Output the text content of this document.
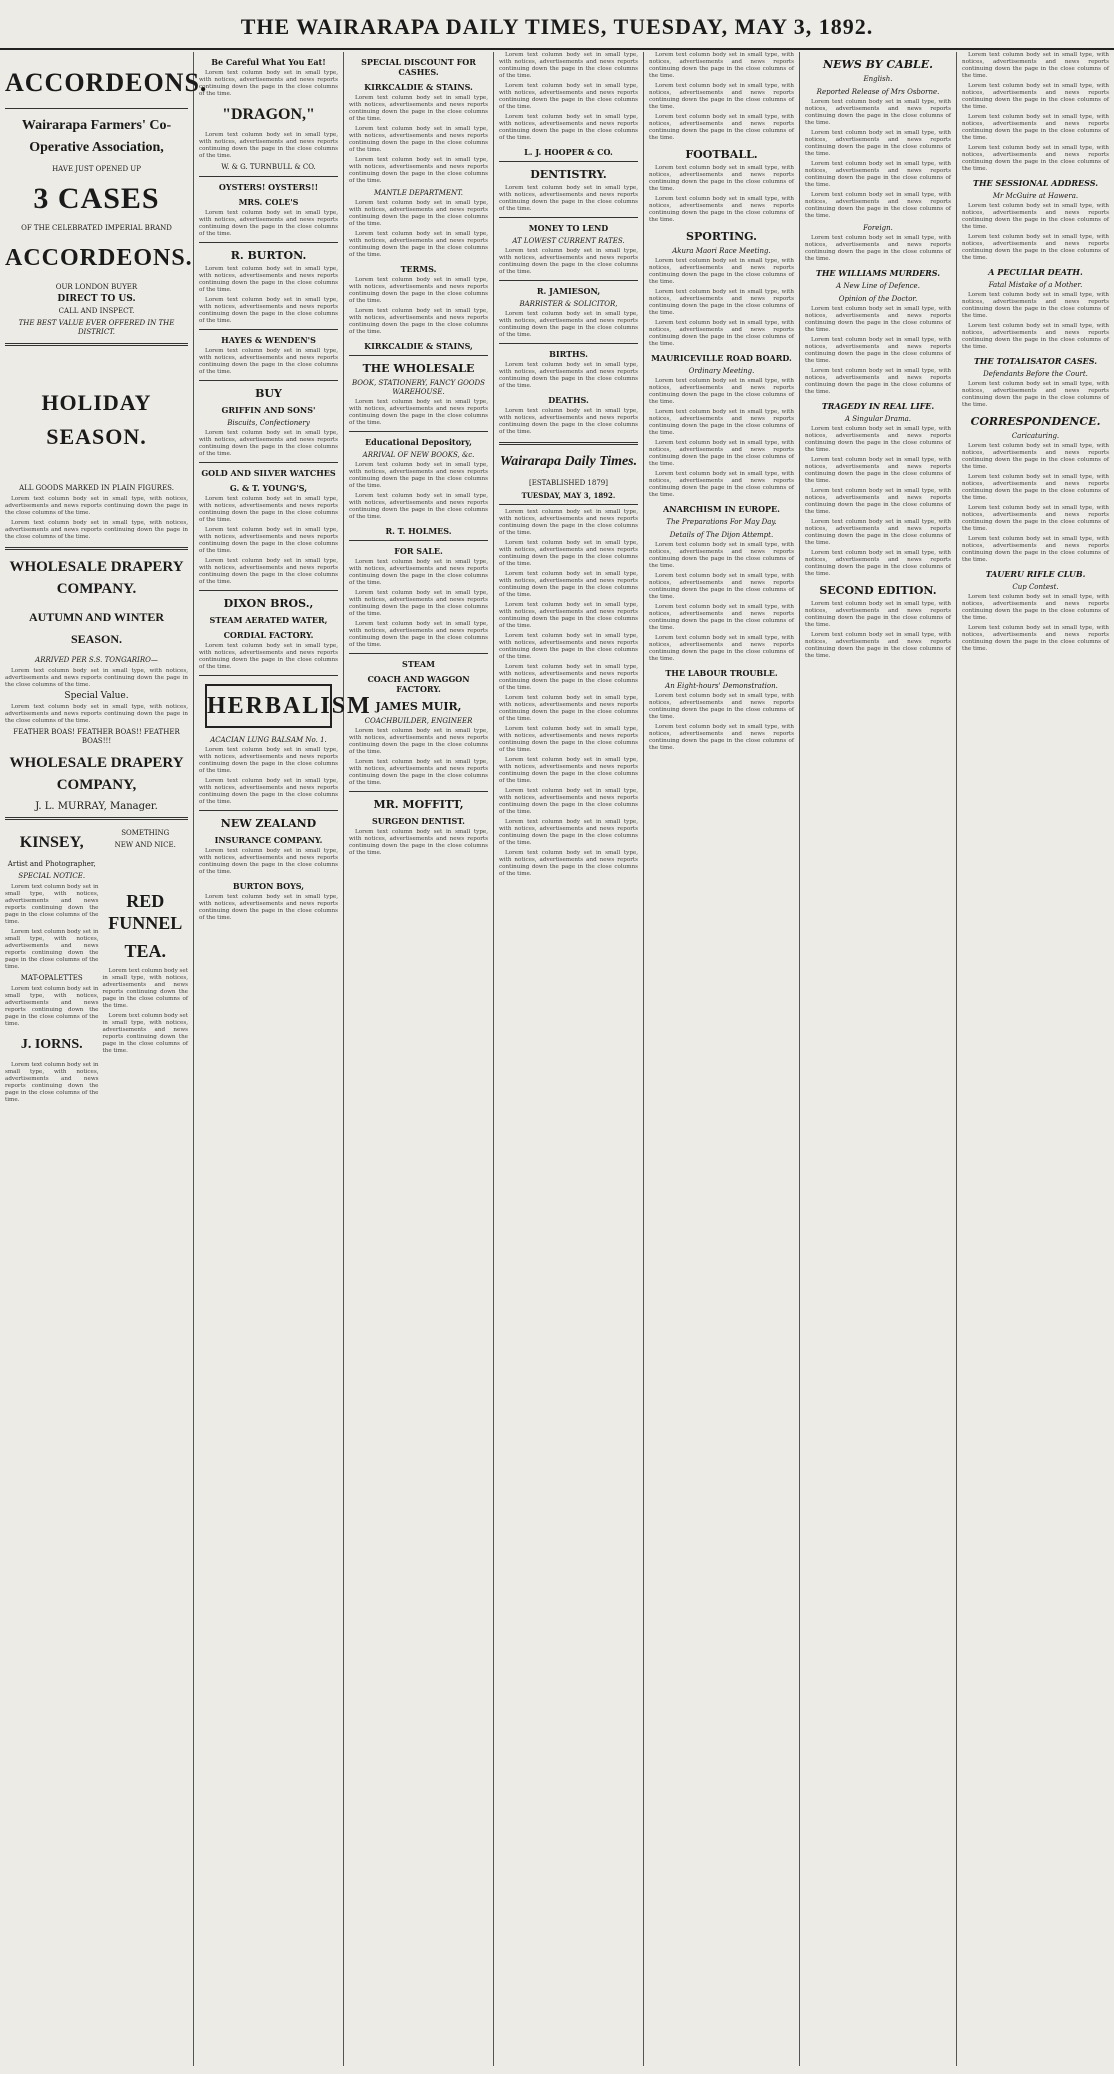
THE WAIRARAPA DAILY TIMES, TUESDAY, MAY 3, 1892.
ACCORDEONS.
Wairarapa Farmers' Co-Operative Association,
HAVE JUST OPENED UP
3 CASES
OF THE CELEBRATED IMPERIAL BRAND
ACCORDEONS.
OUR LONDON BUYER
DIRECT TO US.
CALL AND INSPECT.
THE BEST VALUE EVER OFFERED IN THE DISTRICT.
HOLIDAY SEASON.
ALL GOODS MARKED IN PLAIN FIGURES.

Lorem text column body set in small type, with notices, advertisements and news reports continuing down the page in the close columns of the time.

Lorem text column body set in small type, with notices, advertisements and news reports continuing down the page in the close columns of the time.

WHOLESALE DRAPERY COMPANY.
AUTUMN AND WINTER SEASON.
ARRIVED PER S.S. TONGARIRO—

Lorem text column body set in small type, with notices, advertisements and news reports continuing down the page in the close columns of the time.

Special Value.

Lorem text column body set in small type, with notices, advertisements and news reports continuing down the page in the close columns of the time.

FEATHER BOAS! FEATHER BOAS!! FEATHER BOAS!!!
WHOLESALE DRAPERY COMPANY,
J. L. MURRAY, Manager.
KINSEY,
Artist and Photographer,
SPECIAL NOTICE.

Lorem text column body set in small type, with notices, advertisements and news reports continuing down the page in the close columns of the time.

Lorem text column body set in small type, with notices, advertisements and news reports continuing down the page in the close columns of the time.

MAT-OPALETTES

Lorem text column body set in small type, with notices, advertisements and news reports continuing down the page in the close columns of the time.

J. IORNS.

Lorem text column body set in small type, with notices, advertisements and news reports continuing down the page in the close columns of the time.

SOMETHING
NEW AND NICE.
RED FUNNEL
TEA.

Lorem text column body set in small type, with notices, advertisements and news reports continuing down the page in the close columns of the time.

Lorem text column body set in small type, with notices, advertisements and news reports continuing down the page in the close columns of the time.

Be Careful What You Eat!

Lorem text column body set in small type, with notices, advertisements and news reports continuing down the page in the close columns of the time.

"DRAGON,"

Lorem text column body set in small type, with notices, advertisements and news reports continuing down the page in the close columns of the time.

W. & G. TURNBULL & CO.
OYSTERS! OYSTERS!!
MRS. COLE'S

Lorem text column body set in small type, with notices, advertisements and news reports continuing down the page in the close columns of the time.

R. BURTON.

Lorem text column body set in small type, with notices, advertisements and news reports continuing down the page in the close columns of the time.

Lorem text column body set in small type, with notices, advertisements and news reports continuing down the page in the close columns of the time.

HAYES & WENDEN'S

Lorem text column body set in small type, with notices, advertisements and news reports continuing down the page in the close columns of the time.

BUY
GRIFFIN AND SONS'
Biscuits, Confectionery

Lorem text column body set in small type, with notices, advertisements and news reports continuing down the page in the close columns of the time.

GOLD AND SILVER WATCHES
G. & T. YOUNG'S,

Lorem text column body set in small type, with notices, advertisements and news reports continuing down the page in the close columns of the time.

Lorem text column body set in small type, with notices, advertisements and news reports continuing down the page in the close columns of the time.

Lorem text column body set in small type, with notices, advertisements and news reports continuing down the page in the close columns of the time.

DIXON BROS.,
STEAM AERATED WATER,
CORDIAL FACTORY.

Lorem text column body set in small type, with notices, advertisements and news reports continuing down the page in the close columns of the time.

HERBALISM
ACACIAN LUNG BALSAM No. 1.

Lorem text column body set in small type, with notices, advertisements and news reports continuing down the page in the close columns of the time.

Lorem text column body set in small type, with notices, advertisements and news reports continuing down the page in the close columns of the time.

NEW ZEALAND
INSURANCE COMPANY.

Lorem text column body set in small type, with notices, advertisements and news reports continuing down the page in the close columns of the time.

BURTON BOYS,

Lorem text column body set in small type, with notices, advertisements and news reports continuing down the page in the close columns of the time.

SPECIAL DISCOUNT FOR CASHES.
KIRKCALDIE & STAINS.

Lorem text column body set in small type, with notices, advertisements and news reports continuing down the page in the close columns of the time.

Lorem text column body set in small type, with notices, advertisements and news reports continuing down the page in the close columns of the time.

Lorem text column body set in small type, with notices, advertisements and news reports continuing down the page in the close columns of the time.

MANTLE DEPARTMENT.

Lorem text column body set in small type, with notices, advertisements and news reports continuing down the page in the close columns of the time.

Lorem text column body set in small type, with notices, advertisements and news reports continuing down the page in the close columns of the time.

TERMS.

Lorem text column body set in small type, with notices, advertisements and news reports continuing down the page in the close columns of the time.

Lorem text column body set in small type, with notices, advertisements and news reports continuing down the page in the close columns of the time.

KIRKCALDIE & STAINS,
THE WHOLESALE
BOOK, STATIONERY, FANCY GOODS WAREHOUSE.

Lorem text column body set in small type, with notices, advertisements and news reports continuing down the page in the close columns of the time.

Educational Depository,
ARRIVAL OF NEW BOOKS, &c.

Lorem text column body set in small type, with notices, advertisements and news reports continuing down the page in the close columns of the time.

Lorem text column body set in small type, with notices, advertisements and news reports continuing down the page in the close columns of the time.

R. T. HOLMES.
FOR SALE.

Lorem text column body set in small type, with notices, advertisements and news reports continuing down the page in the close columns of the time.

Lorem text column body set in small type, with notices, advertisements and news reports continuing down the page in the close columns of the time.

Lorem text column body set in small type, with notices, advertisements and news reports continuing down the page in the close columns of the time.

STEAM
COACH AND WAGGON FACTORY.
JAMES MUIR,
COACHBUILDER, ENGINEER

Lorem text column body set in small type, with notices, advertisements and news reports continuing down the page in the close columns of the time.

Lorem text column body set in small type, with notices, advertisements and news reports continuing down the page in the close columns of the time.

MR. MOFFITT,
SURGEON DENTIST.

Lorem text column body set in small type, with notices, advertisements and news reports continuing down the page in the close columns of the time.

Lorem text column body set in small type, with notices, advertisements and news reports continuing down the page in the close columns of the time.

Lorem text column body set in small type, with notices, advertisements and news reports continuing down the page in the close columns of the time.

Lorem text column body set in small type, with notices, advertisements and news reports continuing down the page in the close columns of the time.

L. J. HOOPER & CO.
DENTISTRY.

Lorem text column body set in small type, with notices, advertisements and news reports continuing down the page in the close columns of the time.

MONEY TO LEND
AT LOWEST CURRENT RATES.

Lorem text column body set in small type, with notices, advertisements and news reports continuing down the page in the close columns of the time.

R. JAMIESON,
BARRISTER & SOLICITOR,

Lorem text column body set in small type, with notices, advertisements and news reports continuing down the page in the close columns of the time.

BIRTHS.

Lorem text column body set in small type, with notices, advertisements and news reports continuing down the page in the close columns of the time.

DEATHS.

Lorem text column body set in small type, with notices, advertisements and news reports continuing down the page in the close columns of the time.

Wairarapa Daily Times.
[ESTABLISHED 1879]
TUESDAY, MAY 3, 1892.

Lorem text column body set in small type, with notices, advertisements and news reports continuing down the page in the close columns of the time.

Lorem text column body set in small type, with notices, advertisements and news reports continuing down the page in the close columns of the time.

Lorem text column body set in small type, with notices, advertisements and news reports continuing down the page in the close columns of the time.

Lorem text column body set in small type, with notices, advertisements and news reports continuing down the page in the close columns of the time.

Lorem text column body set in small type, with notices, advertisements and news reports continuing down the page in the close columns of the time.

Lorem text column body set in small type, with notices, advertisements and news reports continuing down the page in the close columns of the time.

Lorem text column body set in small type, with notices, advertisements and news reports continuing down the page in the close columns of the time.

Lorem text column body set in small type, with notices, advertisements and news reports continuing down the page in the close columns of the time.

Lorem text column body set in small type, with notices, advertisements and news reports continuing down the page in the close columns of the time.

Lorem text column body set in small type, with notices, advertisements and news reports continuing down the page in the close columns of the time.

Lorem text column body set in small type, with notices, advertisements and news reports continuing down the page in the close columns of the time.

Lorem text column body set in small type, with notices, advertisements and news reports continuing down the page in the close columns of the time.

Lorem text column body set in small type, with notices, advertisements and news reports continuing down the page in the close columns of the time.

Lorem text column body set in small type, with notices, advertisements and news reports continuing down the page in the close columns of the time.

Lorem text column body set in small type, with notices, advertisements and news reports continuing down the page in the close columns of the time.

FOOTBALL.

Lorem text column body set in small type, with notices, advertisements and news reports continuing down the page in the close columns of the time.

Lorem text column body set in small type, with notices, advertisements and news reports continuing down the page in the close columns of the time.

SPORTING.
Akura Maori Race Meeting.

Lorem text column body set in small type, with notices, advertisements and news reports continuing down the page in the close columns of the time.

Lorem text column body set in small type, with notices, advertisements and news reports continuing down the page in the close columns of the time.

Lorem text column body set in small type, with notices, advertisements and news reports continuing down the page in the close columns of the time.

MAURICEVILLE ROAD BOARD.
Ordinary Meeting.

Lorem text column body set in small type, with notices, advertisements and news reports continuing down the page in the close columns of the time.

Lorem text column body set in small type, with notices, advertisements and news reports continuing down the page in the close columns of the time.

Lorem text column body set in small type, with notices, advertisements and news reports continuing down the page in the close columns of the time.

Lorem text column body set in small type, with notices, advertisements and news reports continuing down the page in the close columns of the time.

ANARCHISM IN EUROPE.
The Preparations For May Day.
Details of The Dijon Attempt.

Lorem text column body set in small type, with notices, advertisements and news reports continuing down the page in the close columns of the time.

Lorem text column body set in small type, with notices, advertisements and news reports continuing down the page in the close columns of the time.

Lorem text column body set in small type, with notices, advertisements and news reports continuing down the page in the close columns of the time.

Lorem text column body set in small type, with notices, advertisements and news reports continuing down the page in the close columns of the time.

THE LABOUR TROUBLE.
An Eight-hours' Demonstration.

Lorem text column body set in small type, with notices, advertisements and news reports continuing down the page in the close columns of the time.

Lorem text column body set in small type, with notices, advertisements and news reports continuing down the page in the close columns of the time.

NEWS BY CABLE.
English.
Reported Release of Mrs Osborne.

Lorem text column body set in small type, with notices, advertisements and news reports continuing down the page in the close columns of the time.

Lorem text column body set in small type, with notices, advertisements and news reports continuing down the page in the close columns of the time.

Lorem text column body set in small type, with notices, advertisements and news reports continuing down the page in the close columns of the time.

Lorem text column body set in small type, with notices, advertisements and news reports continuing down the page in the close columns of the time.

Foreign.

Lorem text column body set in small type, with notices, advertisements and news reports continuing down the page in the close columns of the time.

THE WILLIAMS MURDERS.
A New Line of Defence.
Opinion of the Doctor.

Lorem text column body set in small type, with notices, advertisements and news reports continuing down the page in the close columns of the time.

Lorem text column body set in small type, with notices, advertisements and news reports continuing down the page in the close columns of the time.

Lorem text column body set in small type, with notices, advertisements and news reports continuing down the page in the close columns of the time.

TRAGEDY IN REAL LIFE.
A Singular Drama.

Lorem text column body set in small type, with notices, advertisements and news reports continuing down the page in the close columns of the time.

Lorem text column body set in small type, with notices, advertisements and news reports continuing down the page in the close columns of the time.

Lorem text column body set in small type, with notices, advertisements and news reports continuing down the page in the close columns of the time.

Lorem text column body set in small type, with notices, advertisements and news reports continuing down the page in the close columns of the time.

Lorem text column body set in small type, with notices, advertisements and news reports continuing down the page in the close columns of the time.

SECOND EDITION.

Lorem text column body set in small type, with notices, advertisements and news reports continuing down the page in the close columns of the time.

Lorem text column body set in small type, with notices, advertisements and news reports continuing down the page in the close columns of the time.

Lorem text column body set in small type, with notices, advertisements and news reports continuing down the page in the close columns of the time.

Lorem text column body set in small type, with notices, advertisements and news reports continuing down the page in the close columns of the time.

Lorem text column body set in small type, with notices, advertisements and news reports continuing down the page in the close columns of the time.

Lorem text column body set in small type, with notices, advertisements and news reports continuing down the page in the close columns of the time.

THE SESSIONAL ADDRESS.
Mr McGuire at Hawera.

Lorem text column body set in small type, with notices, advertisements and news reports continuing down the page in the close columns of the time.

Lorem text column body set in small type, with notices, advertisements and news reports continuing down the page in the close columns of the time.

A PECULIAR DEATH.
Fatal Mistake of a Mother.

Lorem text column body set in small type, with notices, advertisements and news reports continuing down the page in the close columns of the time.

Lorem text column body set in small type, with notices, advertisements and news reports continuing down the page in the close columns of the time.

THE TOTALISATOR CASES.
Defendants Before the Court.

Lorem text column body set in small type, with notices, advertisements and news reports continuing down the page in the close columns of the time.

CORRESPONDENCE.
Caricaturing.

Lorem text column body set in small type, with notices, advertisements and news reports continuing down the page in the close columns of the time.

Lorem text column body set in small type, with notices, advertisements and news reports continuing down the page in the close columns of the time.

Lorem text column body set in small type, with notices, advertisements and news reports continuing down the page in the close columns of the time.

Lorem text column body set in small type, with notices, advertisements and news reports continuing down the page in the close columns of the time.

TAUERU RIFLE CLUB.
Cup Contest.

Lorem text column body set in small type, with notices, advertisements and news reports continuing down the page in the close columns of the time.

Lorem text column body set in small type, with notices, advertisements and news reports continuing down the page in the close columns of the time.
